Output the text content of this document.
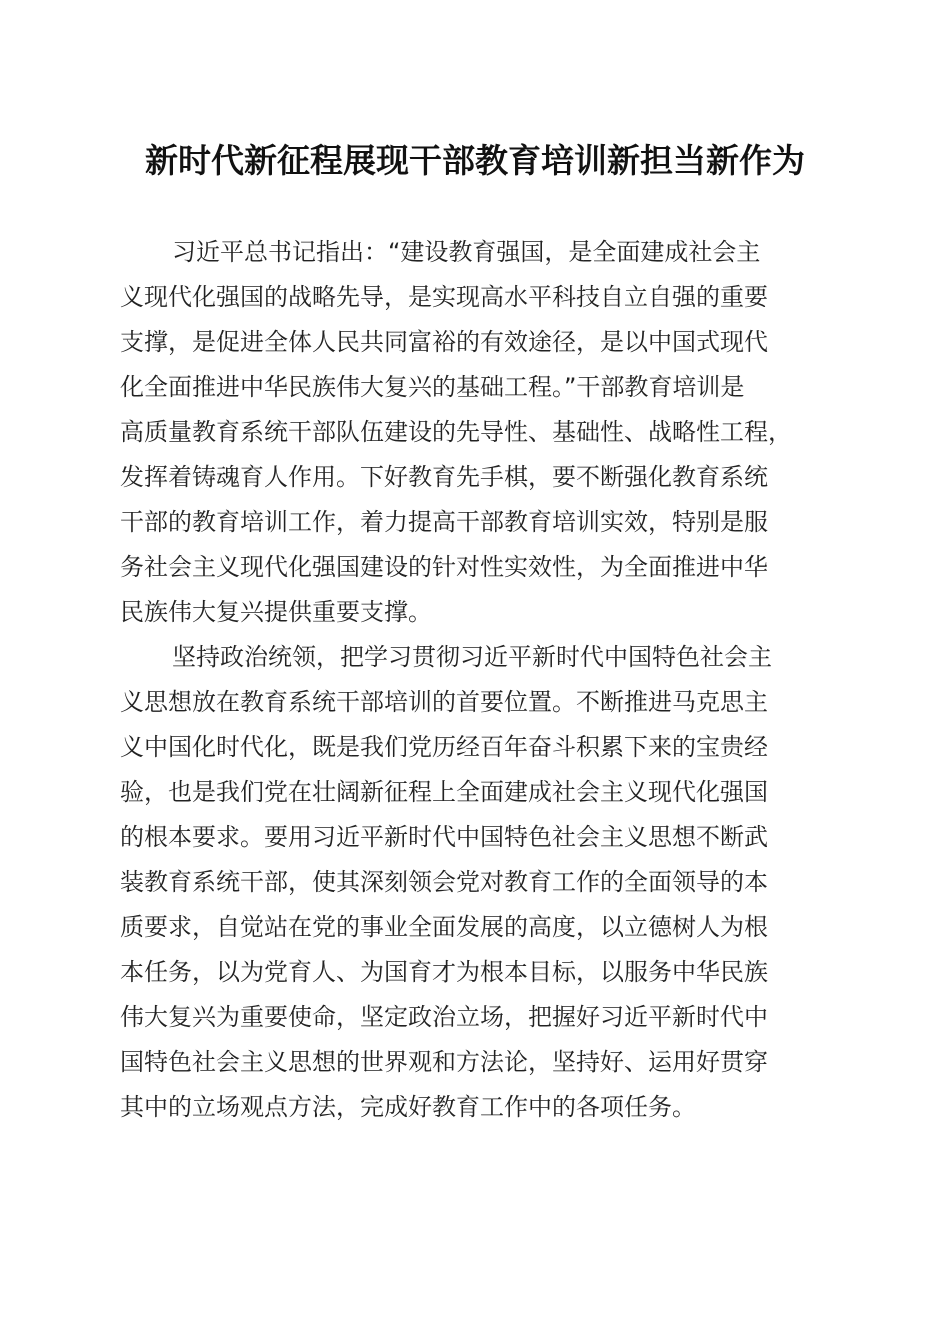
新时代新征程展现干部教育培训新担当新作为
习近平总书记指出：“建设教育强国，是全面建成社会主
义现代化强国的战略先导，是实现高水平科技自立自强的重要
支撑，是促进全体人民共同富裕的有效途径，是以中国式现代
化全面推进中华民族伟大复兴的基础工程。”干部教育培训是
高质量教育系统干部队伍建设的先导性、基础性、战略性工程，
发挥着铸魂育人作用。下好教育先手棋，要不断强化教育系统
干部的教育培训工作，着力提高干部教育培训实效，特别是服
务社会主义现代化强国建设的针对性实效性，为全面推进中华
民族伟大复兴提供重要支撑。
坚持政治统领，把学习贯彻习近平新时代中国特色社会主
义思想放在教育系统干部培训的首要位置。不断推进马克思主
义中国化时代化，既是我们党历经百年奋斗积累下来的宝贵经
验，也是我们党在壮阔新征程上全面建成社会主义现代化强国
的根本要求。要用习近平新时代中国特色社会主义思想不断武
装教育系统干部，使其深刻领会党对教育工作的全面领导的本
质要求，自觉站在党的事业全面发展的高度，以立德树人为根
本任务，以为党育人、为国育才为根本目标，以服务中华民族
伟大复兴为重要使命，坚定政治立场，把握好习近平新时代中
国特色社会主义思想的世界观和方法论，坚持好、运用好贯穿
其中的立场观点方法，完成好教育工作中的各项任务。
